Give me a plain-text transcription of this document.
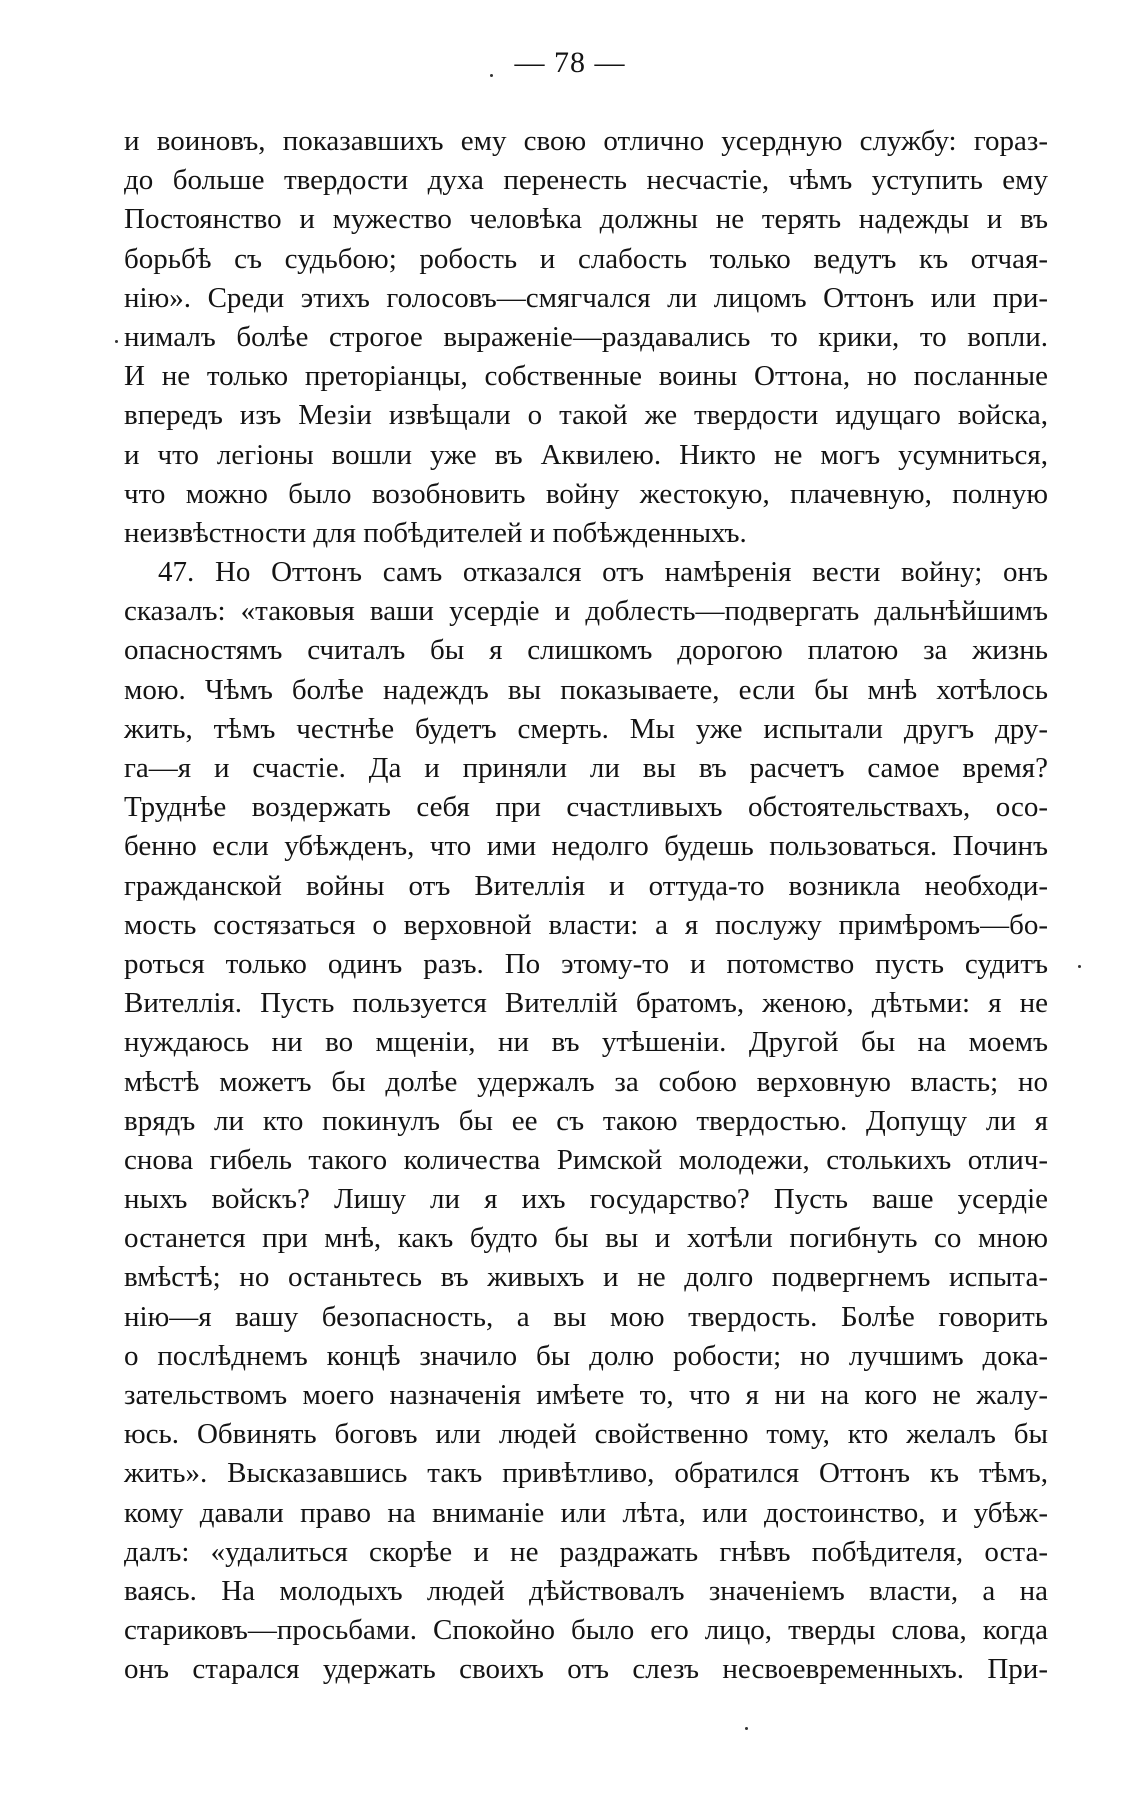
— 78 —
и воиновъ, показавшихъ ему свою отлично усердную службу: гораз-
до больше твердости духа перенесть несчастіе, чѣмъ уступить ему
Постоянство и мужество человѣка должны не терять надежды и въ
борьбѣ съ судьбою; робость и слабость только ведутъ къ отчая-
нію». Среди этихъ голосовъ—смягчался ли лицомъ Оттонъ или при-
нималъ болѣе строгое выраженіе—раздавались то крики, то вопли.
И не только преторіанцы, собственные воины Оттона, но посланные
впередъ изъ Мезіи извѣщали о такой же твердости идущаго войска,
и что легіоны вошли уже въ Аквилею. Никто не могъ усумниться,
что можно было возобновить войну жестокую, плачевную, полную
неизвѣстности для побѣдителей и побѣжденныхъ.
47. Но Оттонъ самъ отказался отъ намѣренія вести войну; онъ
сказалъ: «таковыя ваши усердіе и доблесть—подвергать дальнѣйшимъ
опасностямъ считалъ бы я слишкомъ дорогою платою за жизнь
мою. Чѣмъ болѣе надеждъ вы показываете, если бы мнѣ хотѣлось
жить, тѣмъ честнѣе будетъ смерть. Мы уже испытали другъ дру-
га—я и счастіе. Да и приняли ли вы въ расчетъ самое время?
Труднѣе воздержать себя при счастливыхъ обстоятельствахъ, осо-
бенно если убѣжденъ, что ими недолго будешь пользоваться. Починъ
гражданской войны отъ Вителлія и оттуда-то возникла необходи-
мость состязаться о верховной власти: а я послужу примѣромъ—бо-
роться только одинъ разъ. По этому-то и потомство пусть судитъ
Вителлія. Пусть пользуется Вителлій братомъ, женою, дѣтьми: я не
нуждаюсь ни во мщеніи, ни въ утѣшеніи. Другой бы на моемъ
мѣстѣ можетъ бы долѣе удержалъ за собою верховную власть; но
врядъ ли кто покинулъ бы ее съ такою твердостью. Допущу ли я
снова гибель такого количества Римской молодежи, столькихъ отлич-
ныхъ войскъ? Лишу ли я ихъ государство? Пусть ваше усердіе
останется при мнѣ, какъ будто бы вы и хотѣли погибнуть со мною
вмѣстѣ; но останьтесь въ живыхъ и не долго подвергнемъ испыта-
нію—я вашу безопасность, а вы мою твердость. Болѣе говорить
о послѣднемъ концѣ значило бы долю робости; но лучшимъ дока-
зательствомъ моего назначенія имѣете то, что я ни на кого не жалу-
юсь. Обвинять боговъ или людей свойственно тому, кто желалъ бы
жить». Высказавшись такъ привѣтливо, обратился Оттонъ къ тѣмъ,
кому давали право на вниманіе или лѣта, или достоинство, и убѣж-
далъ: «удалиться скорѣе и не раздражать гнѣвъ побѣдителя, оста-
ваясь. На молодыхъ людей дѣйствовалъ значеніемъ власти, а на
стариковъ—просьбами. Спокойно было его лицо, тверды слова, когда
онъ старался удержать своихъ отъ слезъ несвоевременныхъ. При-
